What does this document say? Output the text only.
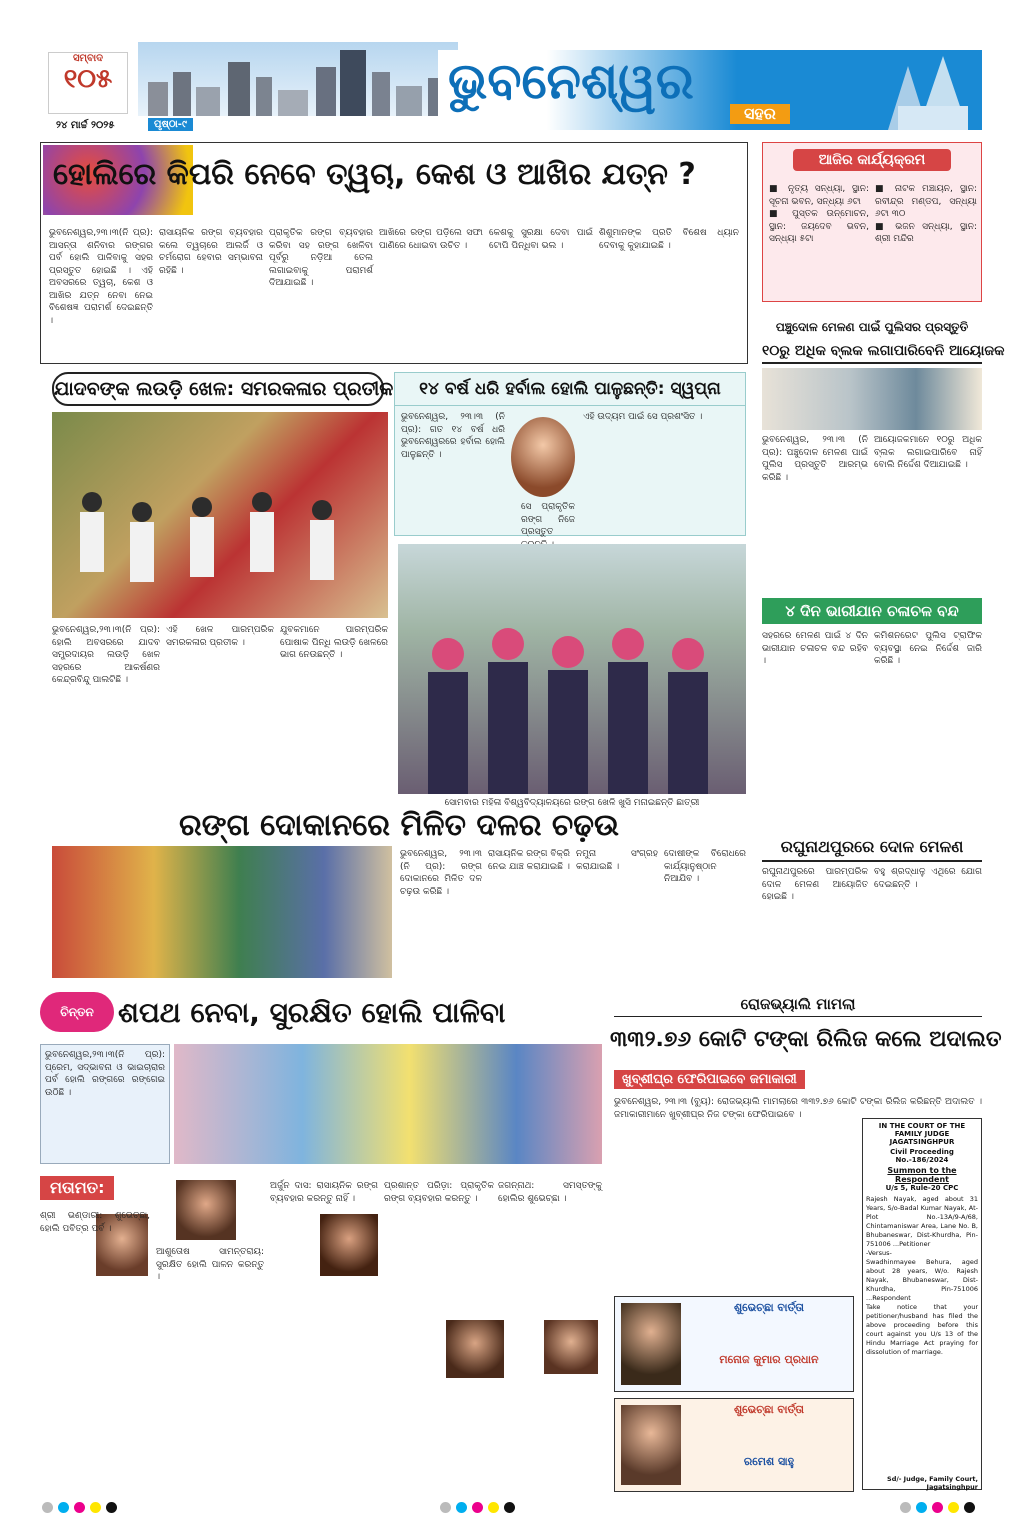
ସମ୍ବାଦ
୧୦୫
୨୪ ମାର୍ଚ୍ଚ ୨୦୨୫	ପୃଷ୍ଠା-୯
ଭୁବନେଶ୍ୱର
ସହର
ହୋଲିରେ କିପରି ନେବେ ତ୍ୱଚା, କେଶ ଓ ଆଖିର ଯତ୍ନ ?
ଭୁବନେଶ୍ୱର,୨୩।୩(ନି ପ୍ର): ଆସନ୍ତା ଶନିବାର ରଙ୍ଗର ପର୍ବ ହୋଲି ପାଳିବାକୁ ସହର ପ୍ରସ୍ତୁତ ହୋଇଛି । ଏହି ଅବସରରେ ତ୍ୱଚା, କେଶ ଓ ଆଖିର ଯତ୍ନ ନେବା ନେଇ ବିଶେଷଜ୍ଞ ପରାମର୍ଶ ଦେଇଛନ୍ତି ।
ରାସାୟନିକ ରଙ୍ଗ ବ୍ୟବହାର କଲେ ତ୍ୱଚାରେ ଆଲର୍ଜି ଓ ଚର୍ମରୋଗ ହେବାର ସମ୍ଭାବନା ରହିଛି ।
ପ୍ରାକୃତିକ ରଙ୍ଗ ବ୍ୟବହାର କରିବା ସହ ରଙ୍ଗ ଖେଳିବା ପୂର୍ବରୁ ନଡ଼ିଆ ତେଲ ଲଗାଇବାକୁ ପରାମର୍ଶ ଦିଆଯାଇଛି ।
ଆଖିରେ ରଙ୍ଗ ପଡ଼ିଲେ ସଫା ପାଣିରେ ଧୋଇବା ଉଚିତ ।
କେଶକୁ ସୁରକ୍ଷା ଦେବା ପାଇଁ ଟୋପି ପିନ୍ଧିବା ଭଲ ।
ଶିଶୁମାନଙ୍କ ପ୍ରତି ବିଶେଷ ଧ୍ୟାନ ଦେବାକୁ କୁହାଯାଇଛି ।
ଯାଦବଙ୍କ ଲଉଡ଼ି ଖେଳ: ସମରକଳାର ପ୍ରତୀକ
ଭୁବନେଶ୍ୱର,୨୩।୩(ନି ପ୍ର): ହୋଲି ଅବସରରେ ଯାଦବ ସମ୍ପ୍ରଦାୟର ଲଉଡ଼ି ଖେଳ ସହରରେ ଆକର୍ଷଣର କେନ୍ଦ୍ରବିନ୍ଦୁ ପାଲଟିଛି ।
ଏହି ଖେଳ ପାରମ୍ପରିକ ସମରକଳାର ପ୍ରତୀକ ।
ଯୁବକମାନେ ପାରମ୍ପରିକ ପୋଷାକ ପିନ୍ଧି ଲଉଡ଼ି ଖେଳରେ ଭାଗ ନେଉଛନ୍ତି ।
୧୪ ବର୍ଷ ଧରି ହର୍ବାଲ ହୋଲି ପାଳୁଛନ୍ତି: ସ୍ୱପ୍ନା
ଭୁବନେଶ୍ୱର, ୨୩।୩ (ନି ପ୍ର): ଗତ ୧୪ ବର୍ଷ ଧରି ଭୁବନେଶ୍ୱରରେ ହର୍ବାଲ ହୋଲି ପାଳୁଛନ୍ତି ।
ସେ ପ୍ରାକୃତିକ ରଙ୍ଗ ନିଜେ ପ୍ରସ୍ତୁତ
ଏହି ଉଦ୍ୟମ ପାଇଁ ସେ ପ୍ରଶଂସିତ ।
ସୋମବାର ମହିଳା ବିଶ୍ୱବିଦ୍ୟାଳୟରେ ରଙ୍ଗ ଖେଳି ଖୁସି ମନାଇଛନ୍ତି ଛାତ୍ରୀ
ରଙ୍ଗ ଦୋକାନରେ ମିଳିତ ଦଳର ଚଢ଼ଉ
ଭୁବନେଶ୍ୱର, ୨୩।୩ (ନି ପ୍ର): ରଙ୍ଗ ଦୋକାନରେ ମିଳିତ ଦଳ ଚଢ଼ଉ କରିଛି ।
ରାସାୟନିକ ରଙ୍ଗ ବିକ୍ରି ନେଇ ଯାଞ୍ଚ କରାଯାଇଛି ।
ନମୁନା ସଂଗ୍ରହ କରାଯାଇଛି ।
ଦୋଷୀଙ୍କ ବିରୋଧରେ କାର୍ଯ୍ୟାନୁଷ୍ଠାନ ନିଆଯିବ ।
ଆଜିର କାର୍ଯ୍ୟକ୍ରମ
■ ନୃତ୍ୟ ସନ୍ଧ୍ୟା, ସ୍ଥାନ: ସୂଚନା ଭବନ, ସନ୍ଧ୍ୟା ୬ଟା
■ ପୁସ୍ତକ ଉନ୍ମୋଚନ, ସ୍ଥାନ: ଜୟଦେବ ଭବନ, ସନ୍ଧ୍ୟା ୫ଟା
■ ନାଟକ ମଞ୍ଚାୟନ, ସ୍ଥାନ: ରବୀନ୍ଦ୍ର ମଣ୍ଡପ, ସନ୍ଧ୍ୟା ୬ଟା ୩୦
■ ଭଜନ ସନ୍ଧ୍ୟା, ସ୍ଥାନ: ଶ୍ରୀ ମନ୍ଦିର
ପଞ୍ଚୁଦୋଳ ମେଳଣ ପାଇଁ ପୁଲିସର ପ୍ରସ୍ତୁତି
୧୦ରୁ ଅଧିକ ବ୍ଲକ ଲଗାପାରିବେନି ଆୟୋଜକ
ଭୁବନେଶ୍ୱର, ୨୩।୩ (ନି ପ୍ର): ପଞ୍ଚୁଦୋଳ ମେଳଣ ପାଇଁ ପୁଲିସ ପ୍ରସ୍ତୁତି ଆରମ୍ଭ କରିଛି ।
ଆୟୋଜକମାନେ ୧୦ରୁ ଅଧିକ ବ୍ଲକ ଲଗାଇପାରିବେ ନାହିଁ ବୋଲି ନିର୍ଦ୍ଦେଶ ଦିଆଯାଇଛି ।
୪ ଦିନ ଭାରୀଯାନ ଚଳାଚଳ ବନ୍ଦ
ସହରରେ ମେଳଣ ପାଇଁ ୪ ଦିନ ଭାରୀଯାନ ଚଳାଚଳ ବନ୍ଦ ରହିବ ।
କମିଶନରେଟ ପୁଲିସ ଟ୍ରାଫିକ ବ୍ୟବସ୍ଥା ନେଇ ନିର୍ଦ୍ଦେଶ ଜାରି କରିଛି ।
ରଘୁନାଥପୁରରେ ଦୋଳ ମେଳଣ
ରଘୁନାଥପୁରରେ ପାରମ୍ପରିକ ଦୋଳ ମେଳଣ ଆୟୋଜିତ ହୋଇଛି ।
ବହୁ ଶ୍ରଦ୍ଧାଳୁ ଏଥିରେ ଯୋଗ ଦେଇଛନ୍ତି ।
ଚିନ୍ତନ ଶପଥ ନେବା, ସୁରକ୍ଷିତ ହୋଲି ପାଳିବା
ଭୁବନେଶ୍ୱର,୨୩।୩(ନି ପ୍ର): ପ୍ରେମ, ସଦ୍ଭାବନା ଓ ଭାଇଚାରାର ପର୍ବ ହୋଲି ରଙ୍ଗରେ ରଙ୍ଗେଇ ଉଠିଛି ।
ମତାମତ:
ଶ୍ରୀ ଭଣ୍ଡାରୀ: ଶୁଭେଚ୍ଛା, ହୋଲି ପବିତ୍ର ପର୍ବ ।
ଆଶୁତୋଷ ସାମନ୍ତରାୟ: ସୁରକ୍ଷିତ ହୋଲି ପାଳନ କରନ୍ତୁ ।
ଅର୍ଜୁନ ଦାସ: ରାସାୟନିକ ରଙ୍ଗ ବ୍ୟବହାର କରନ୍ତୁ ନାହିଁ ।
ପ୍ରଶାନ୍ତ ପରିଡ଼ା: ପ୍ରାକୃତିକ ରଙ୍ଗ ବ୍ୟବହାର କରନ୍ତୁ ।
ଜଗନ୍ନାଥ: ସମସ୍ତଙ୍କୁ ହୋଲିର ଶୁଭେଚ୍ଛା ।
ରୋଜଭ୍ୟାଲି ମାମଲା
୩୩୨.୭୬ କୋଟି ଟଙ୍କା ରିଲିଜ କଲେ ଅଦାଲତ
ଖୁବ୍‌ଶୀଘ୍ର ଫେରିପାଇବେ ଜମାକାରୀ
ଭୁବନେଶ୍ୱର, ୨୩।୩ (ବ୍ୟୁ): ରୋଜଭ୍ୟାଲି ମାମଲାରେ ୩୩୨.୭୬ କୋଟି ଟଙ୍କା ରିଲିଜ କରିଛନ୍ତି ଅଦାଲତ । ଜମାକାରୀମାନେ ଖୁବ୍‌ଶୀଘ୍ର ନିଜ ଟଙ୍କା ଫେରିପାଇବେ ।
IN THE COURT OF THE FAMILY JUDGE JAGATSINGHPUR
Civil Proceeding No.-186/2024
Summon to the Respondent
U/s 5, Rule-20 CPC
Rajesh Nayak, aged about 31 Years, S/o-Badal Kumar Nayak, At-Plot No.-13A/9-A/68, Chintamaniswar Area, Lane No. B, Bhubaneswar, Dist-Khurdha, Pin-751006 ...Petitioner
-Versus-
Swadhinmayee Behura, aged about 28 years, W/o. Rajesh Nayak, Bhubaneswar, Dist-Khurdha, Pin-751006 ...Respondent
Take notice that your petitioner/husband has filed the above proceeding before this court against you U/s 13 of the Hindu Marriage Act praying for dissolution of marriage.
Sd/- Judge, Family Court, Jagatsinghpur
ଶୁଭେଚ୍ଛା ବାର୍ତ୍ତା
ମନୋଜ କୁମାର ପ୍ରଧାନ
ଶୁଭେଚ୍ଛା ବାର୍ତ୍ତା
ରମେଶ ସାହୁ
